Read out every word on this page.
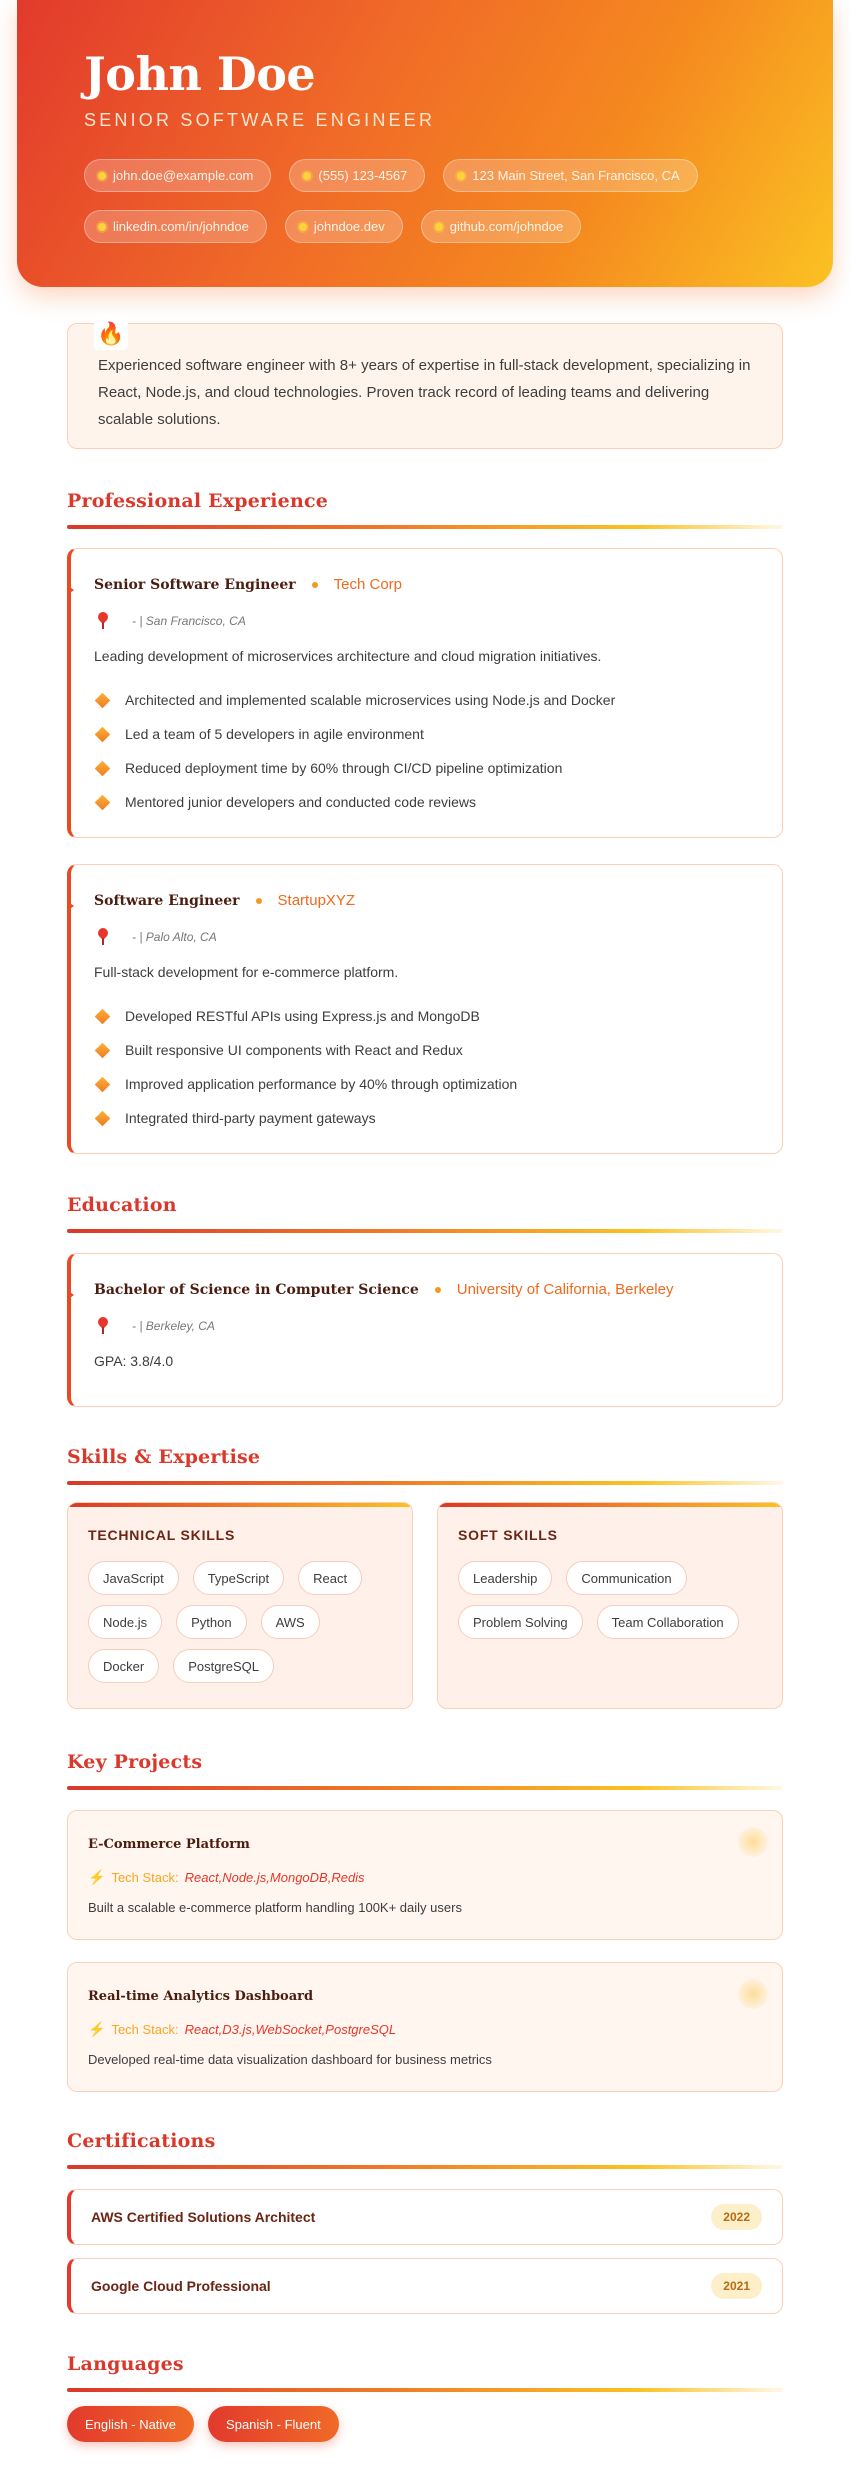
John Doe
SENIOR SOFTWARE ENGINEER
john.doe@example.com	(555) 123-4567	123 Main Street, San Francisco, CA
linkedin.com/in/johndoe	johndoe.dev	github.com/johndoe
🔥
Experienced software engineer with 8+ years of expertise in full-stack development, specializing in React, Node.js, and cloud technologies. Proven track record of leading teams and delivering scalable solutions.
Professional Experience
Senior Software Engineer	Tech Corp
- | San Francisco, CA
Leading development of microservices architecture and cloud migration initiatives.
Architected and implemented scalable microservices using Node.js and Docker
Led a team of 5 developers in agile environment
Reduced deployment time by 60% through CI/CD pipeline optimization
Mentored junior developers and conducted code reviews
Software Engineer	StartupXYZ
- | Palo Alto, CA
Full-stack development for e-commerce platform.
Developed RESTful APIs using Express.js and MongoDB
Built responsive UI components with React and Redux
Improved application performance by 40% through optimization
Integrated third-party payment gateways
Education
Bachelor of Science in Computer Science	University of California, Berkeley
- | Berkeley, CA
GPA: 3.8/4.0
Skills & Expertise
TECHNICAL SKILLS
JavaScript	TypeScript	React
Node.js	Python	AWS
Docker	PostgreSQL
SOFT SKILLS
Leadership	Communication
Problem Solving	Team Collaboration
Key Projects
E-Commerce Platform
⚡ Tech Stack: React,Node.js,MongoDB,Redis
Built a scalable e-commerce platform handling 100K+ daily users
Real-time Analytics Dashboard
⚡ Tech Stack: React,D3.js,WebSocket,PostgreSQL
Developed real-time data visualization dashboard for business metrics
Certifications
AWS Certified Solutions Architect	2022
Google Cloud Professional	2021
Languages
English - Native	Spanish - Fluent
